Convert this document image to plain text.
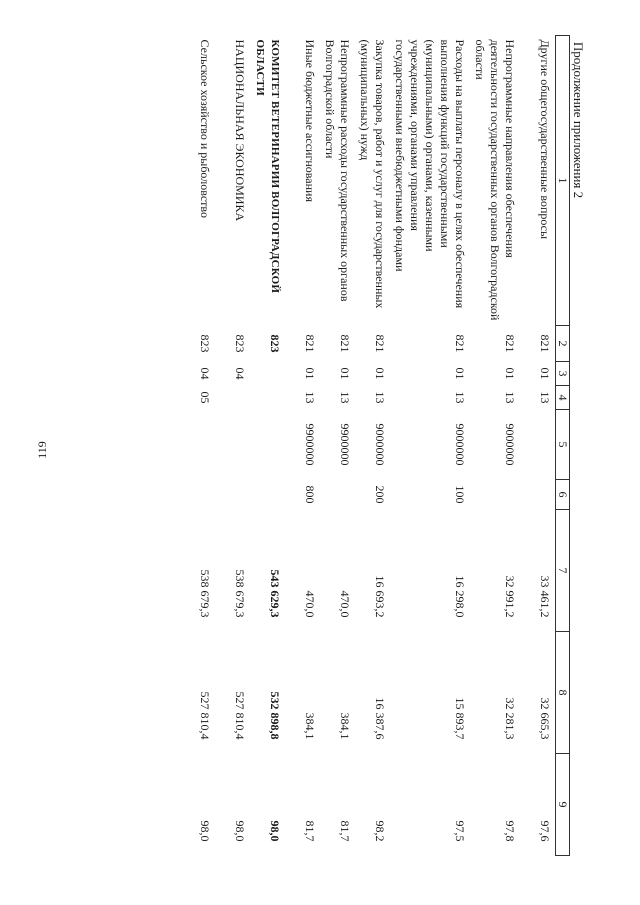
119
Продолжение приложения 2
1	2	3	4	5	6	7	8	9
Другие общегосударственные вопросы	821	01	13			33 461,2	32 665,3	97,6
Непрограммные направления обеспечения деятельности государственных органов Волгоградской области	821	01	13	9000000		32 991,2	32 281,3	97,8
Расходы на выплаты персоналу в целях обеспечения выполнения функций государственными (муниципальными) органами, казенными учреждениями, органами управления государственными внебюджетными фондами	821	01	13	9000000	100	16 298,0	15 893,7	97,5
Закупка товаров, работ и услуг для государственных (муниципальных) нужд	821	01	13	9000000	200	16 693,2	16 387,6	98,2
Непрограммные расходы государственных органов Волгоградской области	821	01	13	9900000		470,0	384,1	81,7
Иные бюджетные ассигнования	821	01	13	9900000	800	470,0	384,1	81,7
КОМИТЕТ ВЕТЕРИНАРИИ ВОЛГОГРАДСКОЙ ОБЛАСТИ	823					543 629,3	532 898,8	98,0
НАЦИОНАЛЬНАЯ ЭКОНОМИКА	823	04				538 679,3	527 810,4	98,0
Сельское хозяйство и рыболовство	823	04	05			538 679,3	527 810,4	98,0
